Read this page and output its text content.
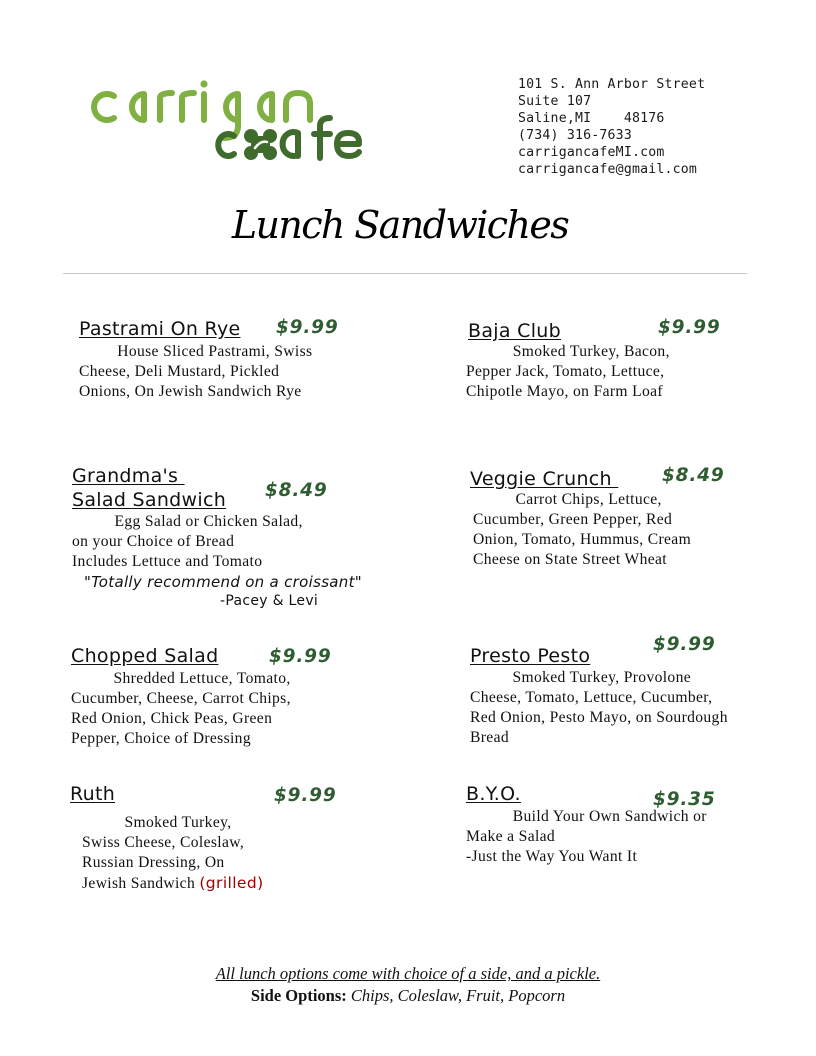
101 S. Ann Arbor Street
Suite 107
Saline,MI    48176
(734) 316-7633
carrigancafeMI.com
carrigancafe@gmail.com
Lunch Sandwiches
Pastrami On Rye $9.99
House Sliced Pastrami, Swiss
Cheese, Deli Mustard, Pickled
Onions, On Jewish Sandwich Rye
Baja Club	$9.99
Smoked Turkey, Bacon,
Pepper Jack, Tomato, Lettuce,
Chipotle Mayo, on Farm Loaf
Grandma's
Salad Sandwich $8.49
Egg Salad or Chicken Salad,
on your Choice of Bread
Includes Lettuce and Tomato
"Totally recommend on a croissant"
-Pacey & Levi
Veggie Crunch $8.49
Carrot Chips, Lettuce,
Cucumber, Green Pepper, Red
Onion, Tomato, Hummus, Cream
Cheese on State Street Wheat
Chopped Salad	$9.99
Shredded Lettuce, Tomato,
Cucumber, Cheese, Carrot Chips,
Red Onion, Chick Peas, Green
Pepper, Choice of Dressing
Presto Pesto
$9.99
Smoked Turkey, Provolone
Cheese, Tomato, Lettuce, Cucumber,
Red Onion, Pesto Mayo, on Sourdough
Bread
Ruth	$9.99
Smoked Turkey,
Swiss Cheese, Coleslaw,
Russian Dressing, On
Jewish Sandwich (grilled)
B.Y.O.	$9.35
Build Your Own Sandwich or
Make a Salad
-Just the Way You Want It
All lunch options come with choice of a side, and a pickle.
Side Options: Chips, Coleslaw, Fruit, Popcorn
